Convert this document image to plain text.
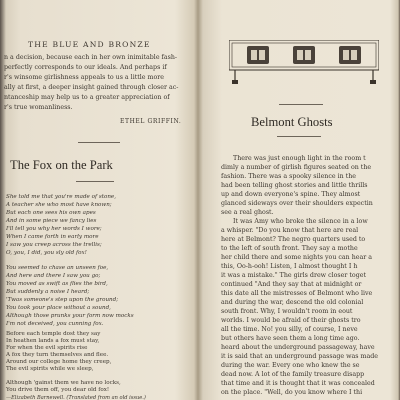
THE BLUE AND BRONZE
n a decision, because each in her own inimitable fash-
perfectly corresponds to our ideals. And perhaps if
r's winsome girlishness appeals to us a little more
ally at first, a deeper insight gained through closer ac-
ntanceship may help us to a greater appreciation of
r's true womanliness.
ETHEL GRIFFIN.
The Fox on the Park
She told me that you're made of stone,
A teacher she who most have known;
But each one sees his own apes
And in some piece we fancy lies
I'll tell you why her words I wore;
When I came forth in early more
I saw you creep across the trellis;
O, you, I did, you sly old fox!
You seemed to chase an unseen foe,
And here and there I saw you go;
You moved as swift as flies the bird,
But suddenly a noise I heard;
'Twas someone's step upon the ground;
You took your place without a sound,
Although those prunks your form now mocks
I'm not deceived, you cunning fox.
Before each temple dost they say
In heathen lands a fox must stay,
For when the evil spirits rise
A fox they turn themselves and flee.
Around our college home they creep,
The evil spirits while we sleep,
Although 'gainst them we have no locks,
You drive them off, you dear old fox!
—Elizabeth Barnewell. (Translated from an old issue.)
Belmont Ghosts
There was just enough light in the room t
dimly a number of girlish figures seated on the
fashion. There was a spooky silence in the
had been telling ghost stories and little thrills
up and down everyone's spine. They almost
glanced sideways over their shoulders expectin
see a real ghost.
It was Amy who broke the silence in a low
a whisper. "Do you know that here are real
here at Belmont? The negro quarters used to
to the left of south front. They say a mothe
her child there and some nights you can hear a
this, Oo-h-ooh! Listen, I almost thought I h
it was a mistake." The girls drew closer toget
continued "And they say that at midnight or
this date all the mistresses of Belmont who live
and during the war, descend the old colonial
south front. Why, I wouldn't room in eout
worlds. I would be afraid of their ghosts tro
all the time. No! you silly, of course, I neve
but others have seen them a long time ago.
heard about the underground passageway, have
it is said that an underground passage was made
during the war. Every one who knew the se
dead now. A lot of the family treasure disapp
that time and it is thought that it was concealed
on the place. "Well, do you know where I thi
